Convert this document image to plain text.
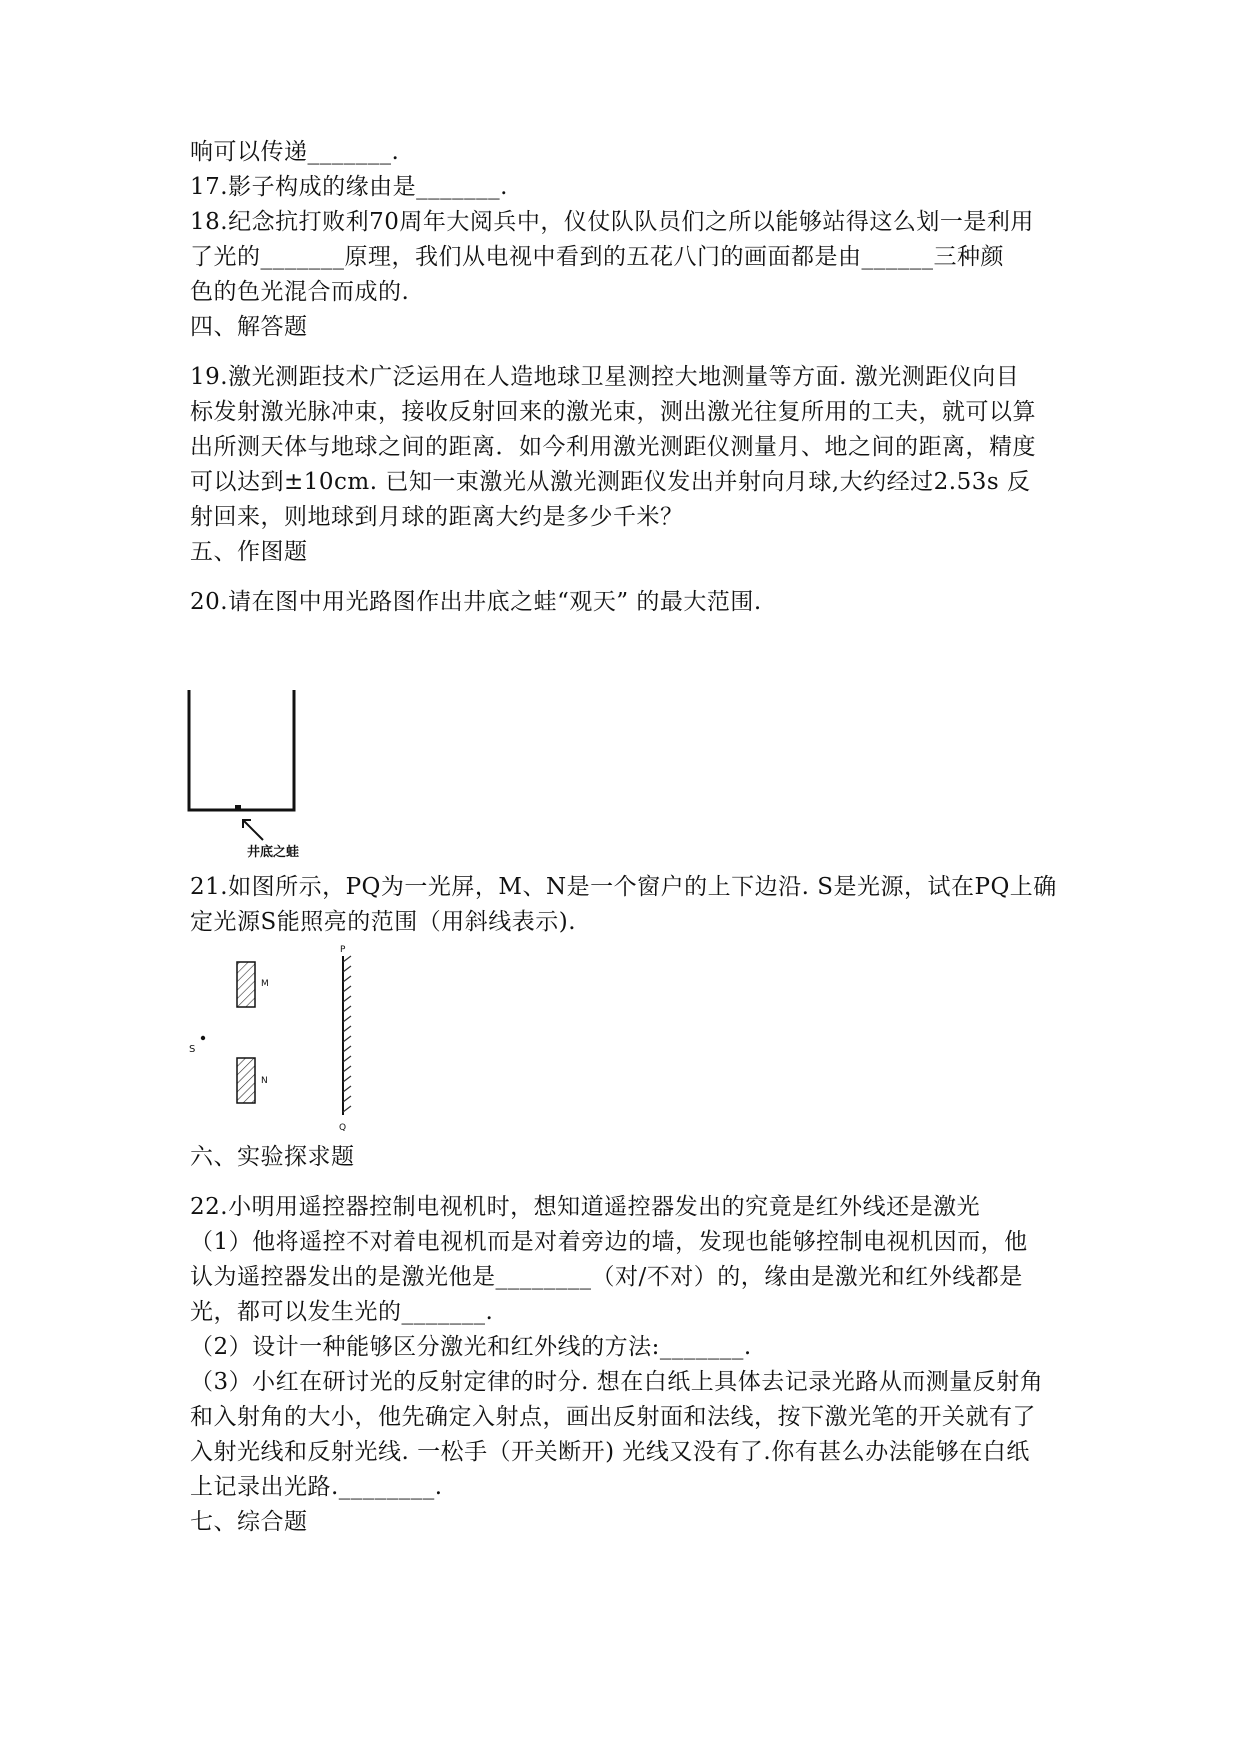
响可以传递_______.
17.影子构成的缘由是_______.
18.纪念抗打败利70周年大阅兵中，仪仗队队员们之所以能够站得这么划一是利用
了光的_______原理，我们从电视中看到的五花八门的画面都是由______三种颜
色的色光混合而成的.
四、解答题
19.激光测距技术广泛运用在人造地球卫星测控大地测量等方面. 激光测距仪向目
标发射激光脉冲束，接收反射回来的激光束，测出激光往复所用的工夫，就可以算
出所测天体与地球之间的距离．如今利用激光测距仪测量月、地之间的距离，精度
可以达到±10cm. 已知一束激光从激光测距仪发出并射向月球,大约经过2.53s 反
射回来，则地球到月球的距离大约是多少千米？
五、作图题
20.请在图中用光路图作出井底之蛙“观天” 的最大范围.
井底之蛙
21.如图所示，PQ为一光屏，M、N是一个窗户的上下边沿. S是光源，试在PQ上确
定光源S能照亮的范围（用斜线表示).
P
Q
M
N
S
六、实验探求题
22.小明用遥控器控制电视机时，想知道遥控器发出的究竟是红外线还是激光
（1）他将遥控不对着电视机而是对着旁边的墙，发现也能够控制电视机因而，他
认为遥控器发出的是激光他是________（对/不对）的，缘由是激光和红外线都是
光，都可以发生光的_______.
（2）设计一种能够区分激光和红外线的方法:_______.
（3）小红在研讨光的反射定律的时分. 想在白纸上具体去记录光路从而测量反射角
和入射角的大小，他先确定入射点，画出反射面和法线，按下激光笔的开关就有了
入射光线和反射光线. 一松手（开关断开) 光线又没有了.你有甚么办法能够在白纸
上记录出光路.________.
七、综合题
